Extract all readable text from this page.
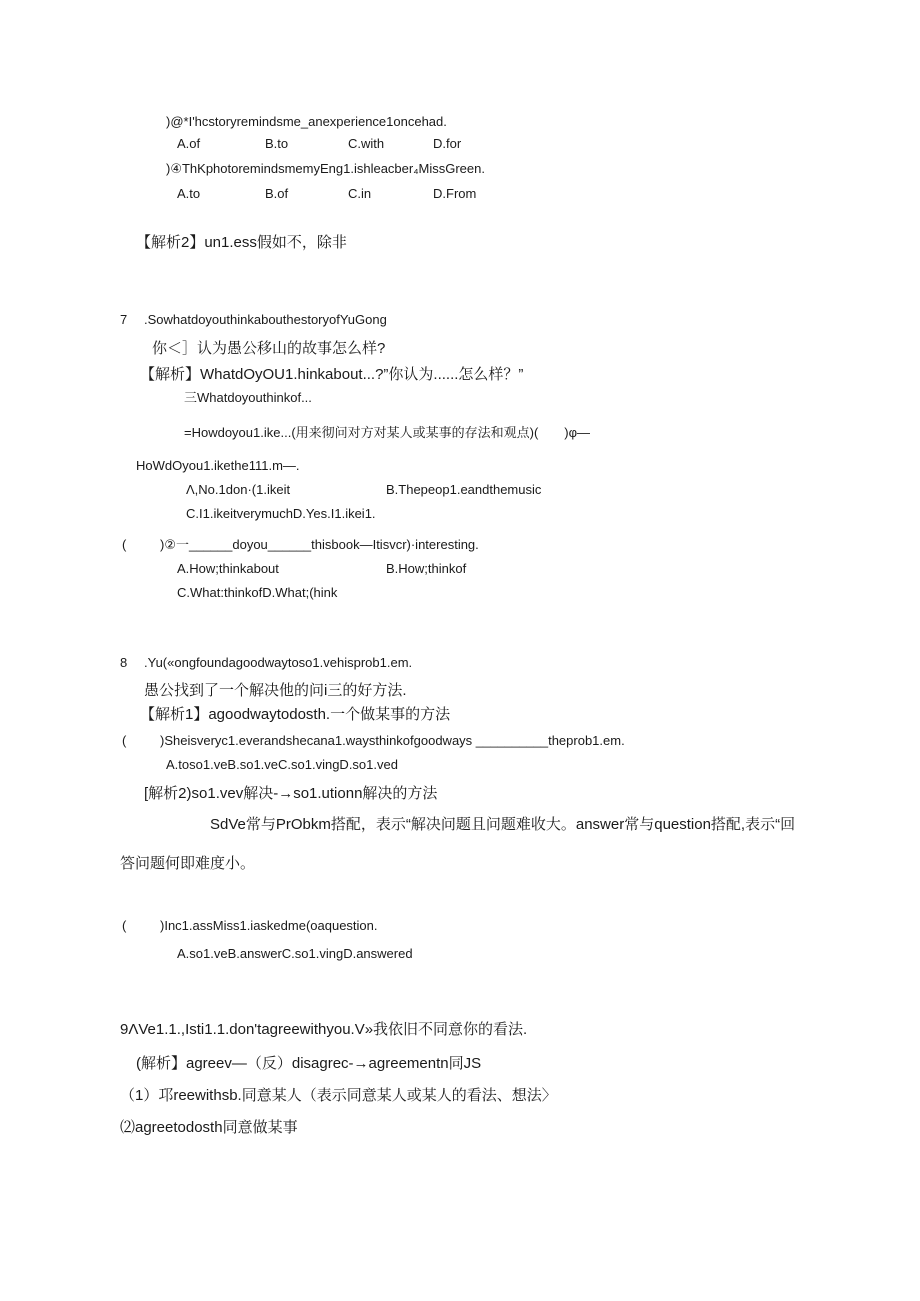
)@*I'hcstoryremindsme_anexperience1oncehad.
A.of	B.to	C.with	D.for
)④ThKphotoremindsmemyEng1.ishleacber₄MissGreen.
A.to	B.of	C.in	D.From
【解析2】un1.ess假如不，除非
7 .SowhatdoyouthinkabouthestoryofYuGong
你＜］认为愚公移山的故事怎么样?
【解析】WhatdOyOU1.hinkabout...?”你认为......怎么样？”
三Whatdoyouthinkof...
=Howdoyou1.ike...(用来彻问对方对某人或某事的存法和观点)(　　)φ—
HoWdOyou1.ikethe111.m—.
Λ,No.1don·(1.ikeit	B.Thepeop1.eandthemusic
C.I1.ikeitverymuchD.Yes.I1.ikei1.
(	)②一______doyou______thisbook—Itisvcr)·interesting.
A.How;thinkabout	B.How;thinkof
C.What:thinkofD.What;(hink
8 .Yu(«ongfoundagoodwaytoso1.vehisprob1.em.
愚公找到了一个解决他的问i三的好方法.
【解析1】agoodwaytodosth.一个做某事的方法
(	)Sheisveryc1.everandshecana1.waysthinkofgoodways __________theprob1.em.
A.toso1.veB.so1.veC.so1.vingD.so1.ved
[解析2)so1.vev解决-→so1.utionn解决的方法
SdVe常与PrObkm搭配，表示“解决问题且问题难收大。answer常与question搭配,表示“回
答问题何即难度小。
(	)Inc1.assMiss1.iaskedme(oaquestion.
A.so1.veB.answerC.so1.vingD.answered
9ΛVe1.1.,Isti1.1.don'tagreewithyou.V»我依旧不同意你的看法.
(解析】agreev—（反）disagrec-→agreementn同JS
（1）邛reewithsb.同意某人（表示同意某人或某人的看法、想法〉
⑵agreetodosth同意做某事
